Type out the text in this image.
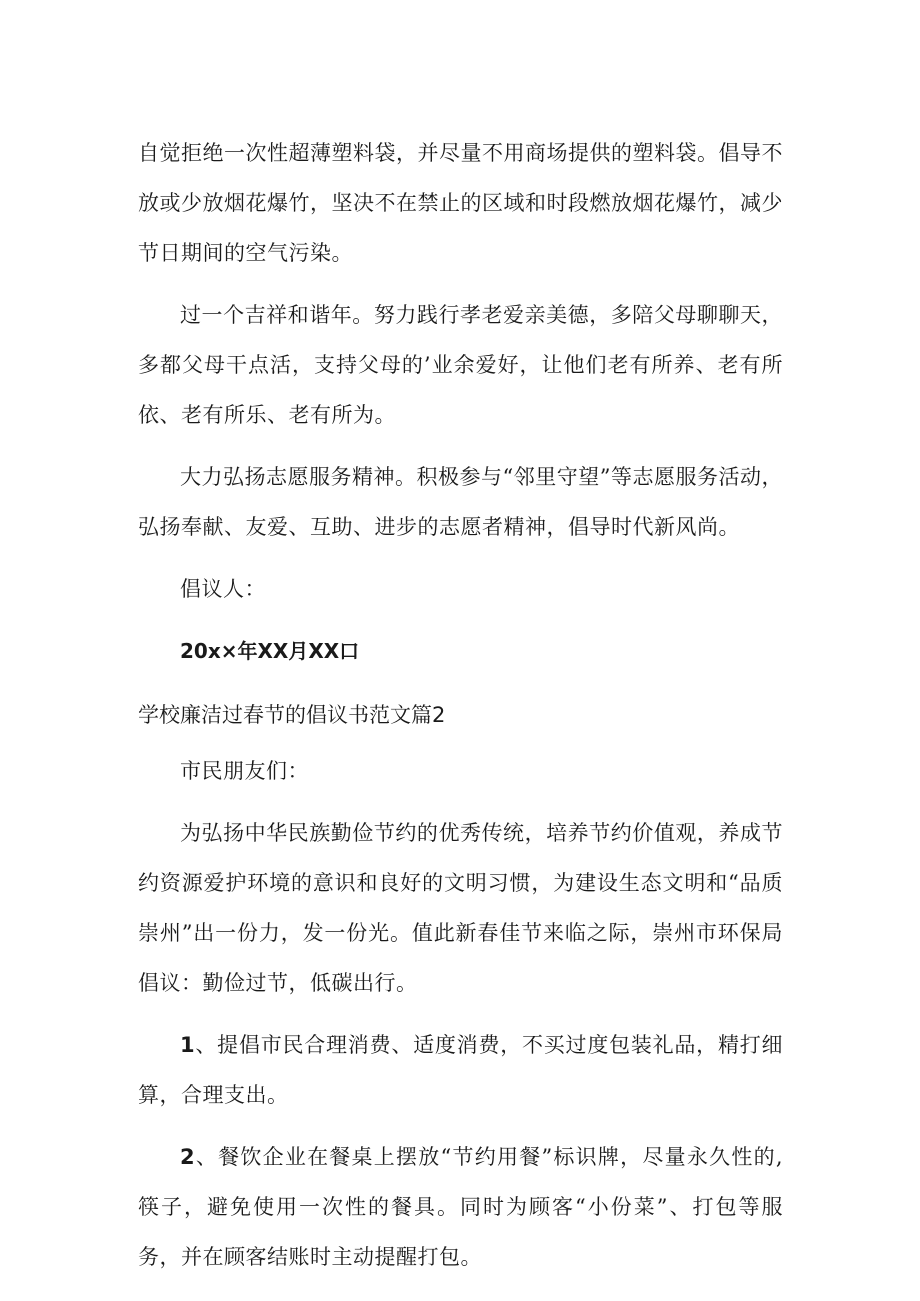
自觉拒绝一次性超薄塑料袋，并尽量不用商场提供的塑料袋。倡导不放或少放烟花爆竹，坚决不在禁止的区域和时段燃放烟花爆竹，减少节日期间的空气污染。

过一个吉祥和谐年。努力践行孝老爱亲美德，多陪父母聊聊天，多都父母干点活，支持父母的’业余爱好，让他们老有所养、老有所依、老有所乐、老有所为。

大力弘扬志愿服务精神。积极参与“邻里守望”等志愿服务活动，弘扬奉献、友爱、互助、进步的志愿者精神，倡导时代新风尚。

倡议人：

20x×年XX月XX口

学校廉洁过春节的倡议书范文篇2

市民朋友们：

为弘扬中华民族勤俭节约的优秀传统，培养节约价值观，养成节约资源爱护环境的意识和良好的文明习惯，为建设生态文明和“品质崇州”出一份力，发一份光。值此新春佳节来临之际，崇州市环保局倡议：勤俭过节，低碳出行。

1、提倡市民合理消费、适度消费，不买过度包装礼品，精打细算，合理支出。

2、餐饮企业在餐桌上摆放“节约用餐”标识牌，尽量永久性的,筷子，避免使用一次性的餐具。同时为顾客“小份菜”、打包等服务，并在顾客结账时主动提醒打包。
